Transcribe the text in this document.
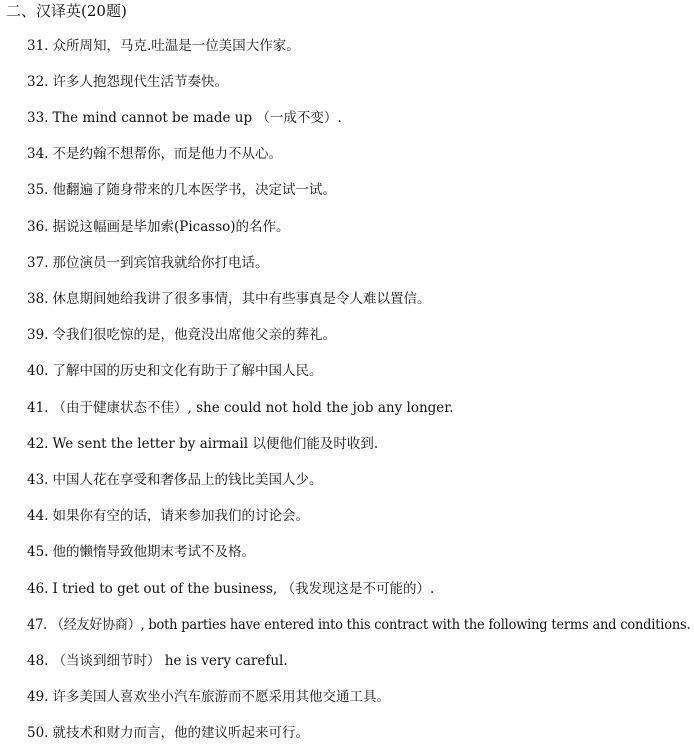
二、汉译英(20题)
31. 众所周知，马克.吐温是一位美国大作家。
32. 许多人抱怨现代生活节奏快。
33. The mind cannot be made up （一成不变）.
34. 不是约翰不想帮你，而是他力不从心。
35. 他翻遍了随身带来的几本医学书，决定试一试。
36. 据说这幅画是毕加索(Picasso)的名作。
37. 那位演员一到宾馆我就给你打电话。
38. 休息期间她给我讲了很多事情，其中有些事真是令人难以置信。
39. 令我们很吃惊的是，他竟没出席他父亲的葬礼。
40. 了解中国的历史和文化有助于了解中国人民。
41. （由于健康状态不佳）, she could not hold the job any longer.
42. We sent the letter by airmail 以便他们能及时收到.
43. 中国人花在享受和奢侈品上的钱比美国人少。
44. 如果你有空的话，请来参加我们的讨论会。
45. 他的懒惰导致他期末考试不及格。
46. I tried to get out of the business, （我发现这是不可能的）.
47. （经友好协商）, both parties have entered into this contract with the following terms and conditions.
48. （当谈到细节时） he is very careful.
49. 许多美国人喜欢坐小汽车旅游而不愿采用其他交通工具。
50. 就技术和财力而言，他的建议听起来可行。
